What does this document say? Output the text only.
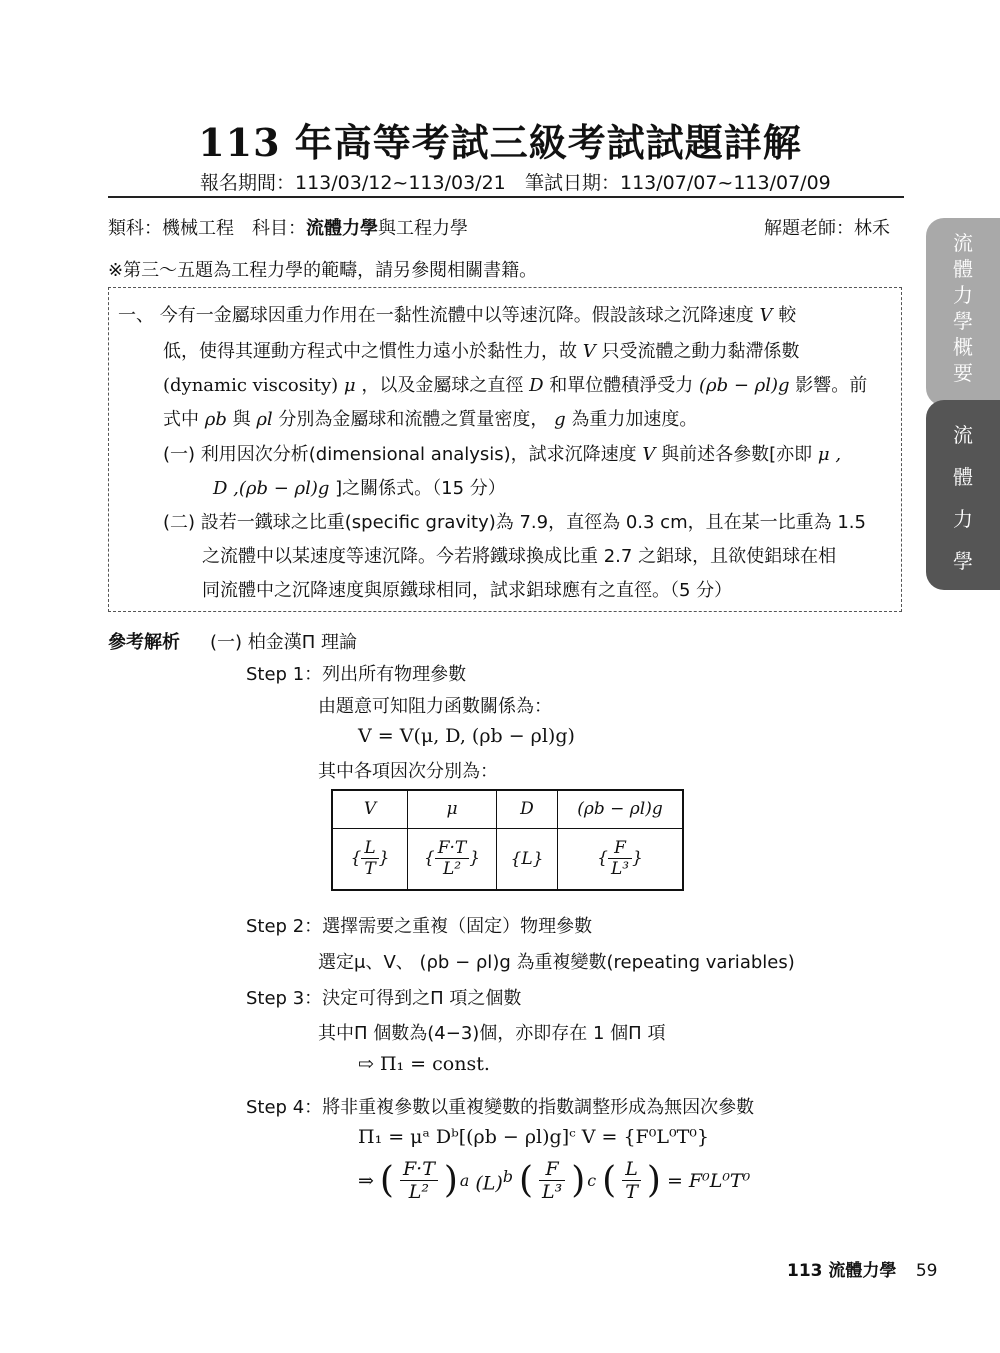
113 年高等考試三級考試試題詳解
報名期間：113/03/12~113/03/21 筆試日期：113/07/07~113/07/09
類科：機械工程　科目：流體力學與工程力學	解題老師：林禾
※第三～五題為工程力學的範疇，請另參閱相關書籍。
一、 今有一金屬球因重力作用在一黏性流體中以等速沉降。假設該球之沉降速度 V 較
低，使得其運動方程式中之慣性力遠小於黏性力，故 V 只受流體之動力黏滯係數
(dynamic viscosity) μ ，以及金屬球之直徑 D 和單位體積淨受力 (ρb − ρl)g 影響。前
式中 ρb 與 ρl 分別為金屬球和流體之質量密度， g 為重力加速度。
(一) 利用因次分析(dimensional analysis)，試求沉降速度 V 與前述各參數[亦即 μ ,
D ,(ρb − ρl)g ]之關係式。（15 分）
(二) 設若一鐵球之比重(specific gravity)為 7.9，直徑為 0.3 cm，且在某一比重為 1.5
之流體中以某速度等速沉降。今若將鐵球換成比重 2.7 之鋁球，且欲使鋁球在相
同流體中之沉降速度與原鐵球相同，試求鋁球應有之直徑。（5 分）
參考解析 (一) 柏金漢Π 理論
Step 1：列出所有物理參數
由題意可知阻力函數關係為：
V = V(μ, D, (ρb − ρl)g)
其中各項因次分別為：
V	μ	D	(ρb − ρl)g
{ $\frac{L}{T}$ }	{ $\frac{F\cdot T}{\text{L²}}$ }	{L}	{ $\frac{F}{\text{L³}}$ }
Step 2：選擇需要之重複（固定）物理參數
選定μ、V、 (ρb − ρl)g 為重複變數(repeating variables)
Step 3：決定可得到之Π 項之個數
其中Π 個數為(4−3)個，亦即存在 1 個Π 項
⇨ Π₁ = const.
Step 4：將非重複參數以重複變數的指數調整形成為無因次參數
Π₁ = μᵃ Dᵇ[(ρb − ρl)g]ᶜ V = {F⁰L⁰T⁰}
⇒ ( $\frac{F\cdot T}{\text{L²}}$ ) a $(L)^b$ ( $\frac{F}{\text{L³}}$ ) c ( $\frac{L}{T}$ ) = F⁰L⁰T⁰
流
體
力
學
概
要
流
體
力
學
113 流體力學 59
